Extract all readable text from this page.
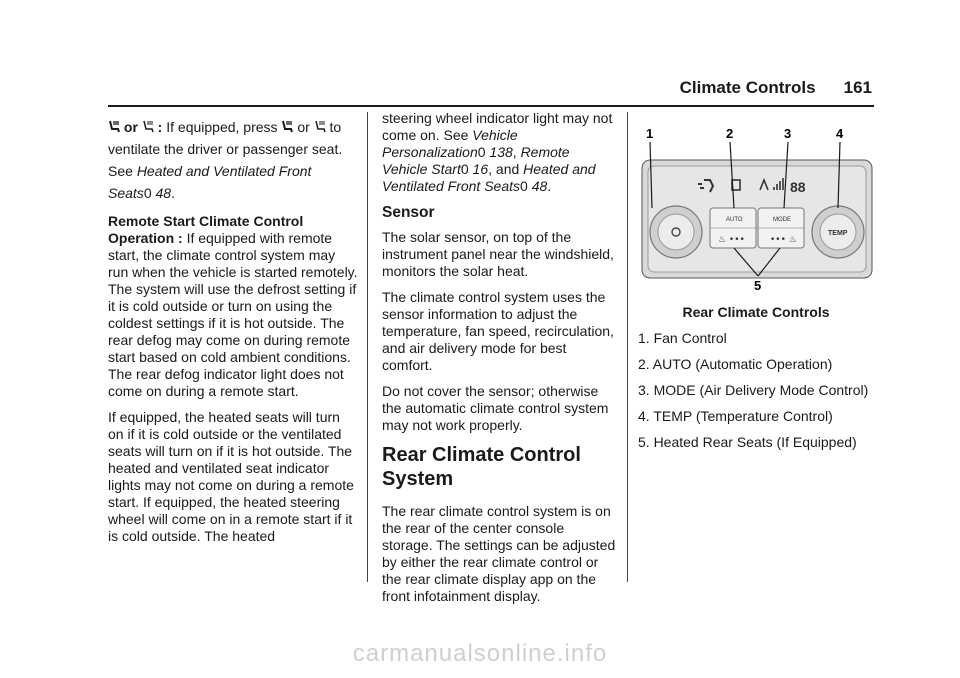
Climate Controls 161

or : If equipped, press or to ventilate the driver or passenger seat. See Heated and Ventilated Front Seats0 48.

Remote Start Climate Control Operation : If equipped with remote start, the climate control system may run when the vehicle is started remotely. The system will use the defrost setting if it is cold outside or turn on using the coldest settings if it is hot outside. The rear defog may come on during remote start based on cold ambient conditions. The rear defog indicator light does not come on during a remote start.

If equipped, the heated seats will turn on if it is cold outside or the ventilated seats will turn on if it is hot outside. The heated and ventilated seat indicator lights may not come on during a remote start. If equipped, the heated steering wheel will come on in a remote start if it is cold outside. The heated

steering wheel indicator light may not come on. See Vehicle Personalization0 138, Remote Vehicle Start0 16, and Heated and Ventilated Front Seats0 48.

Sensor

The solar sensor, on top of the instrument panel near the windshield, monitors the solar heat.

The climate control system uses the sensor information to adjust the temperature, fan speed, recirculation, and air delivery mode for best comfort.

Do not cover the sensor; otherwise the automatic climate control system may not work properly.

Rear Climate Control System

The rear climate control system is on the rear of the center console storage. The settings can be adjusted by either the rear climate control or the rear climate display app on the front infotainment display.

1	2	3	4
5
88
TEMP
AUTO	MODE
♨ •••	••• ♨

Rear Climate Controls

1. Fan Control
2. AUTO (Automatic Operation)
3. MODE (Air Delivery Mode Control)
4. TEMP (Temperature Control)
5. Heated Rear Seats (If Equipped)
carmanualsonline.info
